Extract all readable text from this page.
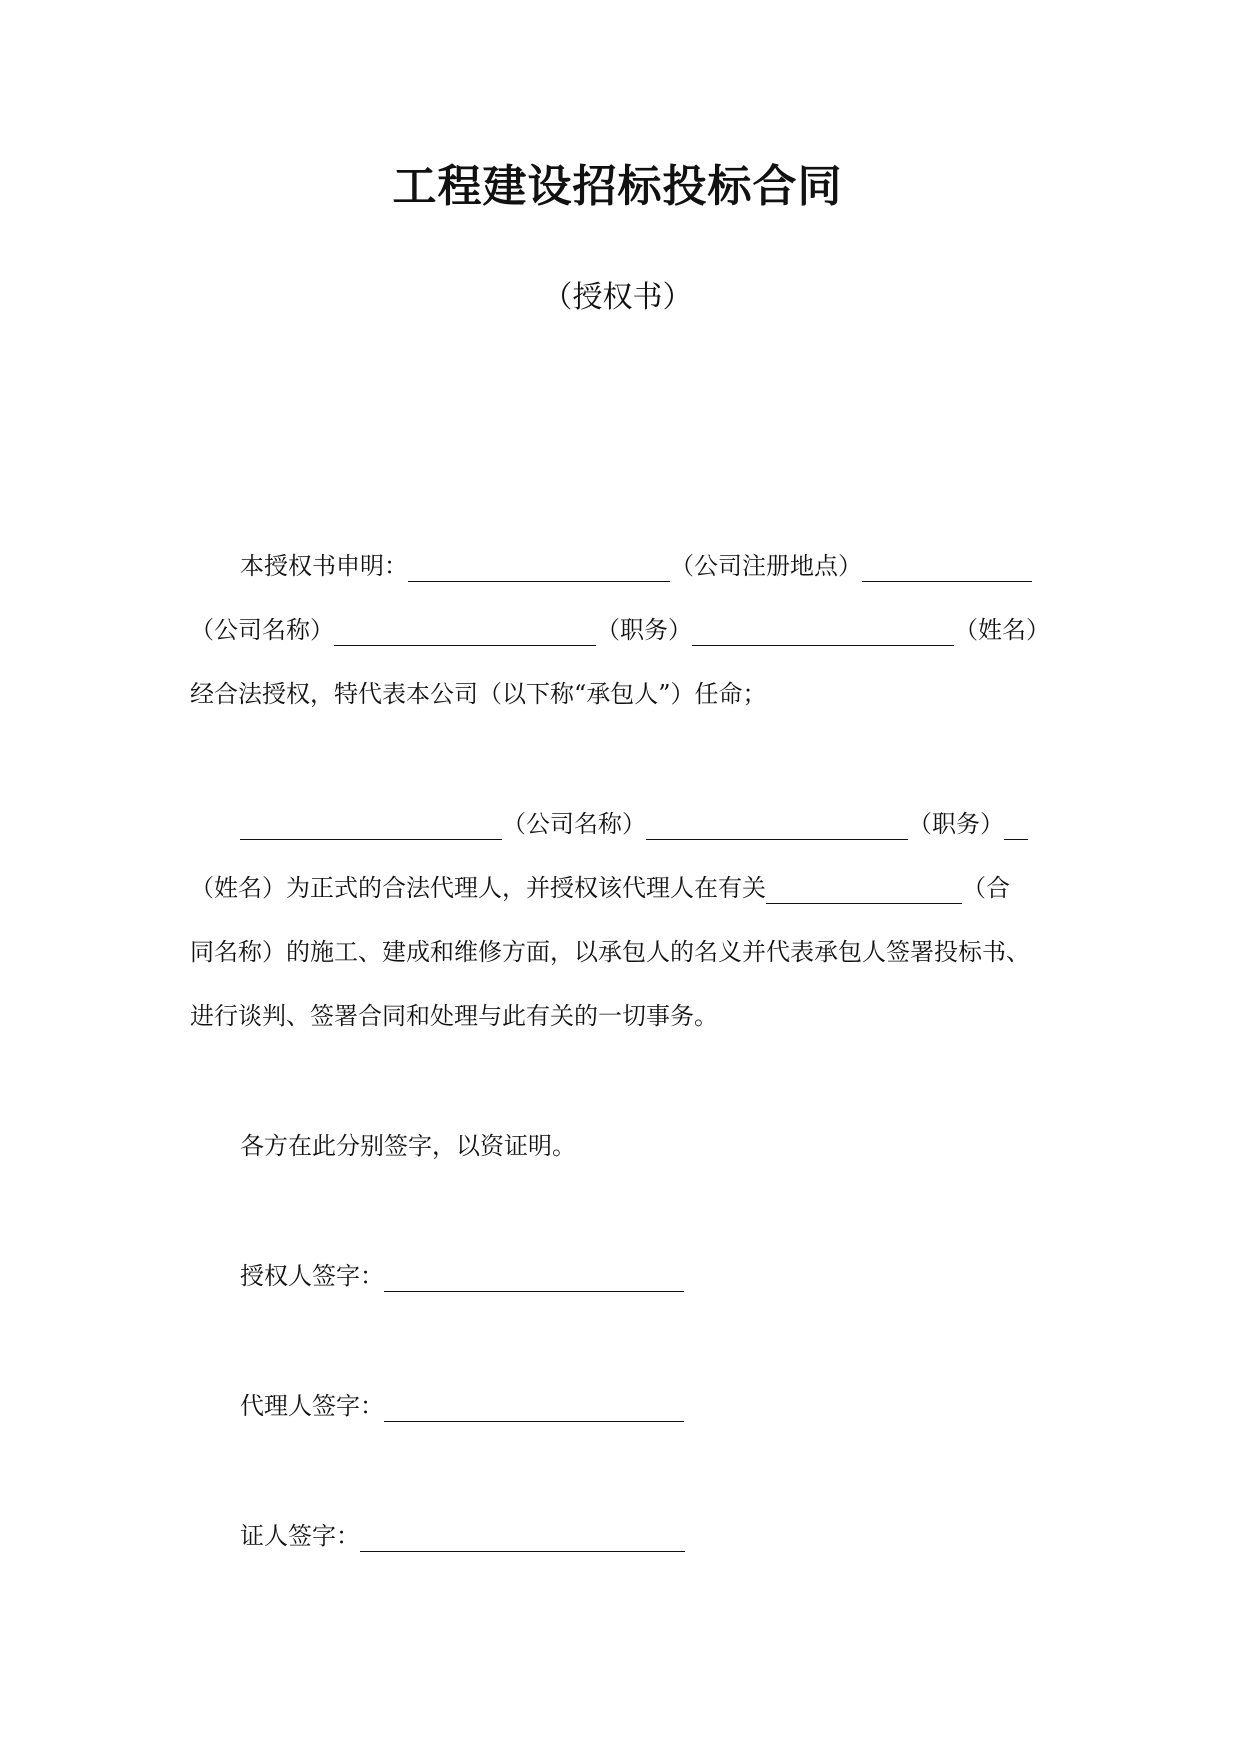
工程建设招标投标合同
（授权书）
本授权书申明：	（公司注册地点）
（公司名称）	（职务）	（姓名）
经合法授权，特代表本公司（以下称“承包人”）任命；
（公司名称）	（职务）
（姓名）为正式的合法代理人，并授权该代理人在有关	（合
同名称）的施工、建成和维修方面，以承包人的名义并代表承包人签署投标书、
进行谈判、签署合同和处理与此有关的一切事务。
各方在此分别签字，以资证明。
授权人签字：
代理人签字：
证人签字：
